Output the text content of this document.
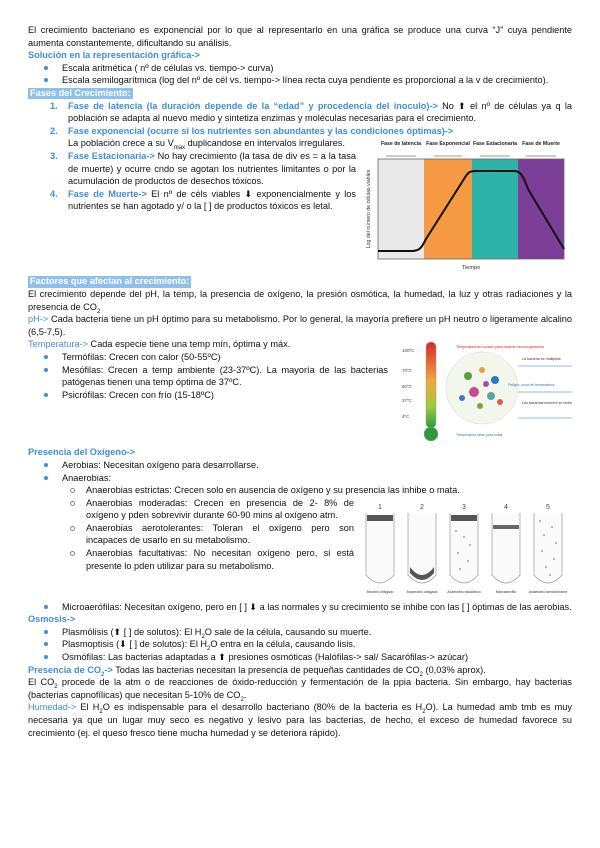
El crecimiento bacteriano es exponencial por lo que al representarlo en una gráfica se produce una curva “J” cuya pendiente aumenta constantemente, dificultando su análisis.

Solución en la representación gráfica->

Escala aritmética ( nº de células vs. tiempo-> curva)
Escala semilogarítmica (log del nº de cél vs. tiempo-> línea recta cuya pendiente es proporcional a la v de crecimiento).

Fases del Crecimiento:

1. Fase de latencia (la duración depende de la “edad” y procedencia del inoculo)-> No ⬆ el nº de células ya q la población se adapta al nuevo medio y sintetiza enzimas y moléculas necesarias para el crecimiento.
2. Fase exponencial (ocurre si los nutrientes son abundantes y las condiciones óptimas)->
Log del número de células viables
Fase de latencia Fase Exponencial Fase Estacionaria Fase de Muerte
Tiempo
La población crece a su $V_{max}$ duplicandose en intervalos irregulares.
3. Fase Estacionaria-> No hay crecimiento (la tasa de div es = a la tasa de muerte) y ocurre cndo se agotan los nutrientes limitantes o por la acumulación de productos de desechos tóxicos.
4. Fase de Muerte-> El nº de céls viables ⬇ exponencialmente y los nutrientes se han agotado y/ o la [ ] de productos tóxicos es letal.

Factores que afectan al crecimiento:

El crecimiento depende del pH, la temp, la presencia de oxígeno, la presión osmótica, la humedad, la luz y otras radiaciones y la presencia de $CO_2$

pH-> Cada bacteria tiene un pH óptimo para su metabolismo. Por lo general, la mayoría prefiere un pH neutro o ligeramente alcalino (6,5-7,5).

100ºC
70ºC
60ºC
37ºC
4ºC
Temperatura de cocción para destruir microorganismos
La bacteria se multiplica
Peligro: zona de temperatura
Las bacterias mueren/ se reducen
Temperatura ideal para evitar

Temperatura-> Cada especie tiene una temp mín, óptima y máx.

Termófilas: Crecen con calor (50-55ºC)
Mesófilas: Crecen a temp ambiente (23-37ºC). La mayoría de las bacterias patógenas tienen una temp óptima de 37ºC.
Psicrófilas: Crecen con frío (15-18ºC)

Presencia del Oxígeno->

Aerobias: Necesitan oxígeno para desarrollarse.
Anaerobias:
Anaerobias estrictas: Crecen solo en ausencia de oxígeno y su presencia las inhibe o mata.
1
Aerobio obligado
2
Anaerobio obligado
3
Anaerobio facultativo
4
Microaerófilo
5
Anaerobio aerotolerante
Anaerobias moderadas: Crecen en presencia de 2- 8% de oxígeno y pden sobrevivir durante 60-90 mins al oxígeno atm.
Anaerobias aerotolerantes: Toleran el oxígeno pero son incapaces de usarlo en su metabolismo.
Anaerobias facultativas: No necesitan oxígeno pero, si está presente lo pden utilizar para su metabolismo.
Microaerófilas: Necesitan oxígeno, pero en [ ] ⬇ a las normales y su crecimiento se inhibe con las [ ] óptimas de las aerobias.

Osmosis->

Plasmólisis (⬆ [ ] de solutos): El $H_2O$ sale de la célula, causando su muerte.
Plasmoptisis (⬇ [ ] de solutos): El $H_2O$ entra en la célula, causando lisis.
Osmófilas: Las bacterias adaptadas a ⬆ presiones osmóticas (Halófilas-> sal/ Sacarófilas-> azúcar)

Presencia de $CO_2->$ Todas las bacterias necesitan la presencia de pequeñas cantidades de $CO_2$ (0,03% aprox).

El $CO_2$ procede de la atm o de reacciones de óxido-reducción y fermentación de la ppia bacteria. Sin embargo, hay bacterias (bacterias capnofílicas) que necesitan 5-10% de $CO_2$.

Humedad-> El $H_2O$ es indispensable para el desarrollo bacteriano (80% de la bacteria es $H_2O$). La humedad amb tmb es muy necesaria ya que un lugar muy seco es negativo y lesivo para las bacterias, de hecho, el exceso de humedad favorece su crecimiento (ej. el queso fresco tiene mucha humedad y se deteriora rápido).
